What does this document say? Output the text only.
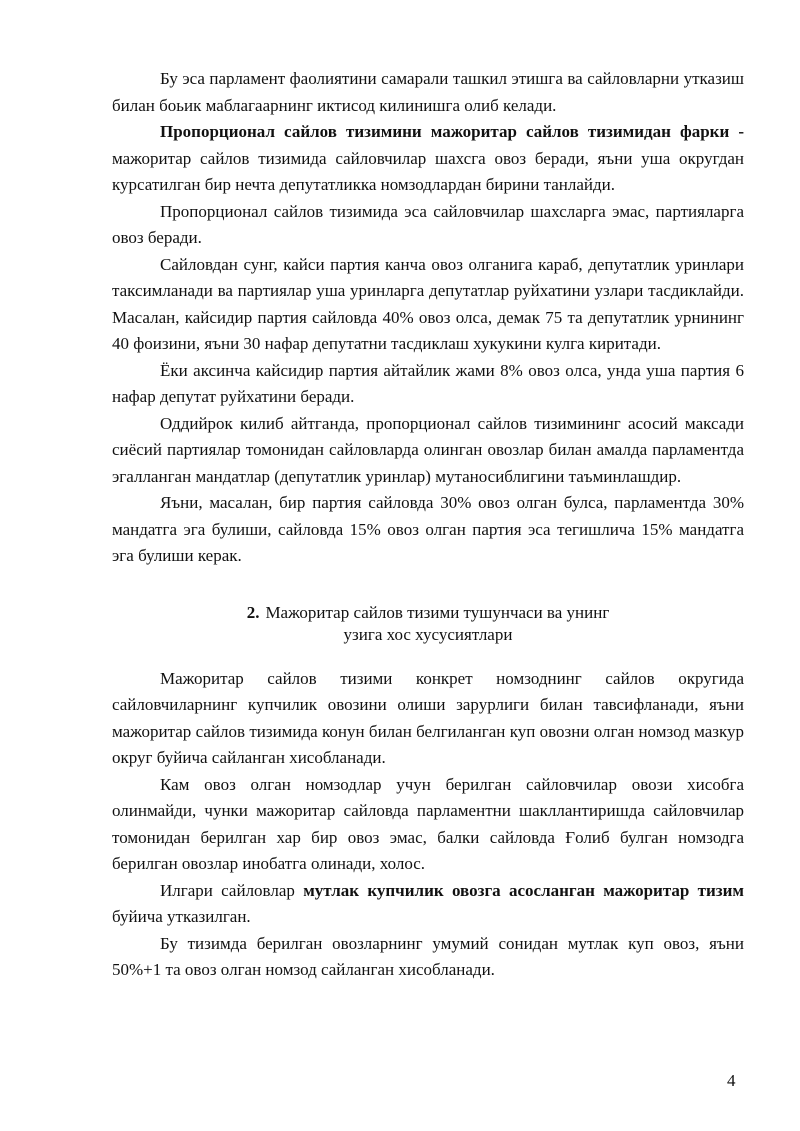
Бу эса парламент фаолиятини самарали ташкил этишга ва сайловларни утказиш билан боьик маблагаарнинг иктисод килинишга олиб келади.

Пропорционал сайлов тизимини мажоритар сайлов тизимидан фарки - мажоритар сайлов тизимида сайловчилар шахсга овоз беради, яъни уша округдан курсатилган бир нечта депутатликка номзодлардан бирини танлайди.

Пропорционал сайлов тизимида эса сайловчилар шахсларга эмас, партияларга овоз беради.

Сайловдан сунг, кайси партия канча овоз олганига караб, депутатлик уринлари таксимланади ва партиялар уша уринларга депутатлар руйхатини узлари тасдиклайди. Масалан, кайсидир партия сайловда 40% овоз олса, демак 75 та депутатлик урнининг 40 фоизини, яъни 30 нафар депутатни тасдиклаш хукукини кулга киритади.

Ёки аксинча кайсидир партия айтайлик жами 8% овоз олса, унда уша партия 6 нафар депутат руйхатини беради.

Оддийрок килиб айтганда, пропорционал сайлов тизимининг асосий максади сиёсий партиялар томонидан сайловларда олинган овозлар билан амалда парламентда эгалланган мандатлар (депутатлик уринлар) мутаносиблигини таъминлашдир.

Яъни, масалан, бир партия сайловда 30% овоз олган булса, парламентда 30% мандатга эга булиши, сайловда 15% овоз олган партия эса тегишлича 15% мандатга эга булиши керак.

2. Мажоритар сайлов тизими тушунчаси ва унинг
узига хос хусусиятлари

Мажоритар сайлов тизими конкрет номзоднинг сайлов округида сайловчиларнинг купчилик овозини олиши зарурлиги билан тавсифланади, яъни мажоритар сайлов тизимида конун билан белгиланган куп овозни олган номзод мазкур округ буйича сайланган хисобланади.

Кам овоз олган номзодлар учун берилган сайловчилар овози хисобга олинмайди, чунки мажоритар сайловда парламентни шакллантиришда сайловчилар томонидан берилган хар бир овоз эмас, балки сайловда Ғолиб булган номзодга берилган овозлар инобатга олинади, холос.

Илгари сайловлар мутлак купчилик овозга асосланган мажоритар тизим буйича утказилган.

Бу тизимда берилган овозларнинг умумий сонидан мутлак куп овоз, яъни 50%+1 та овоз олган номзод сайланган хисобланади.

4
